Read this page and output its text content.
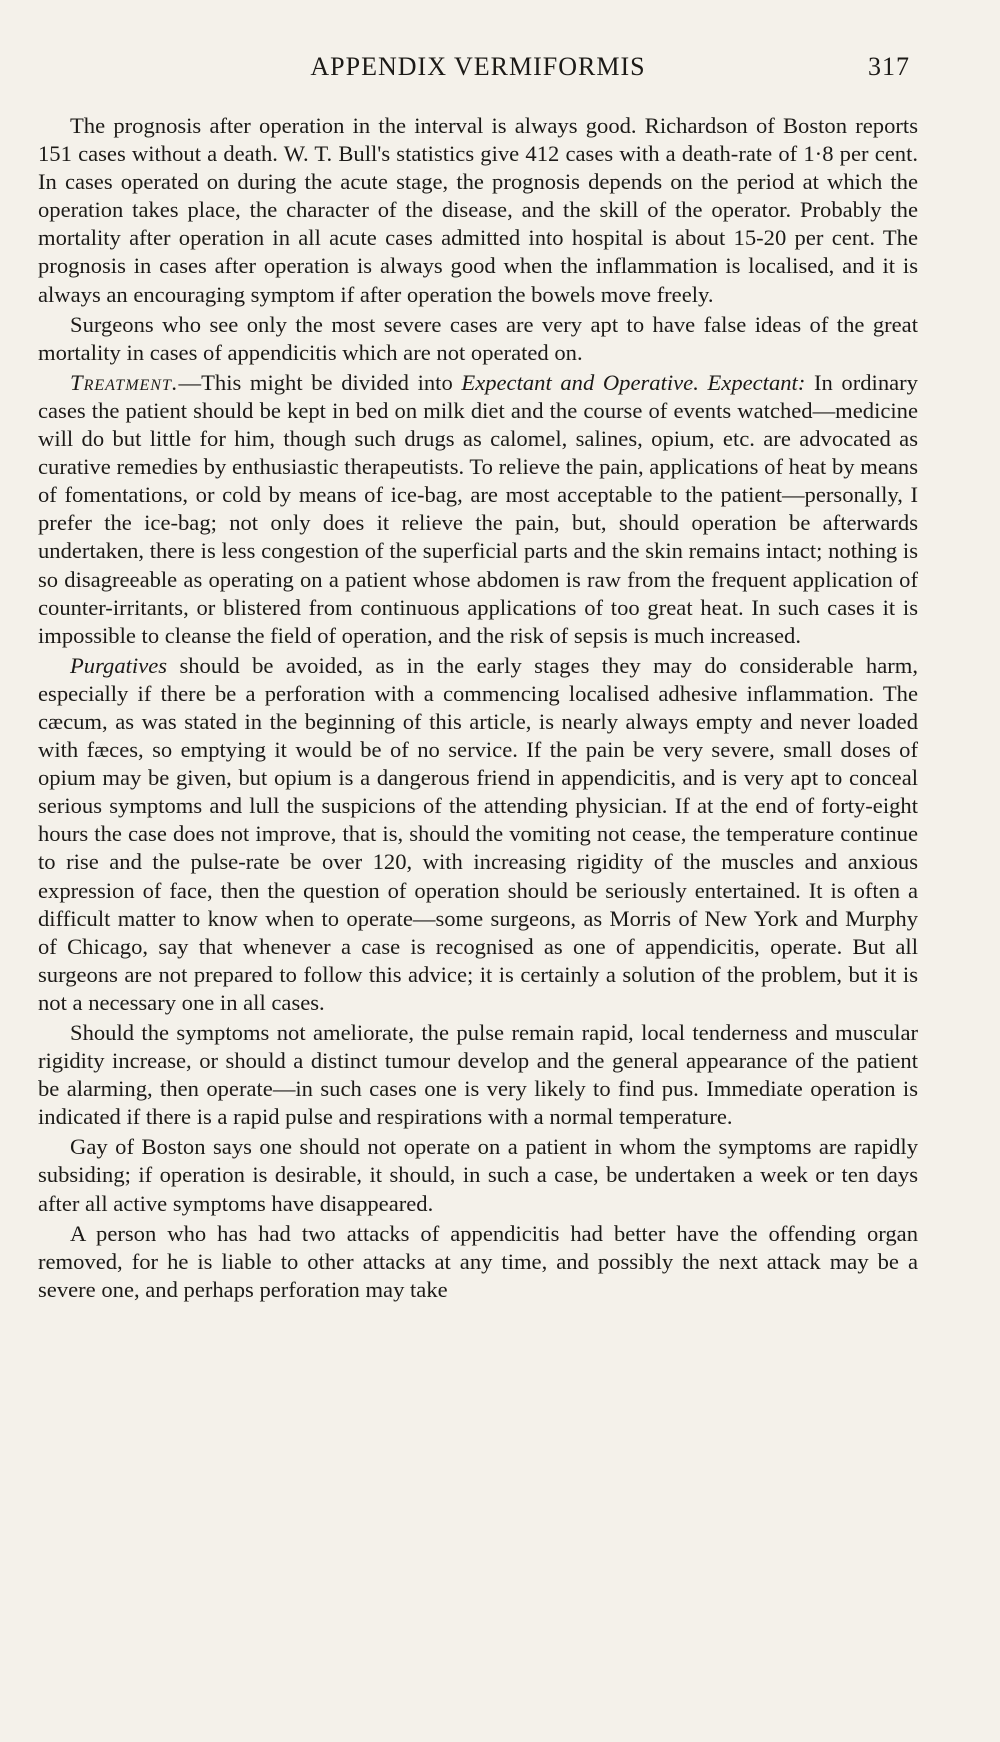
APPENDIX VERMIFORMIS	317

The prognosis after operation in the interval is always good. Richardson of Boston reports 151 cases without a death. W. T. Bull's statistics give 412 cases with a death-rate of 1·8 per cent. In cases operated on during the acute stage, the prognosis depends on the period at which the operation takes place, the character of the disease, and the skill of the operator. Probably the mortality after operation in all acute cases admitted into hospital is about 15-20 per cent. The prognosis in cases after operation is always good when the inflammation is localised, and it is always an encouraging symptom if after operation the bowels move freely.

Surgeons who see only the most severe cases are very apt to have false ideas of the great mortality in cases of appendicitis which are not operated on.

Treatment.—This might be divided into Expectant and Operative. Expectant: In ordinary cases the patient should be kept in bed on milk diet and the course of events watched—medicine will do but little for him, though such drugs as calomel, salines, opium, etc. are advocated as curative remedies by enthusiastic therapeutists. To relieve the pain, applications of heat by means of fomentations, or cold by means of ice-bag, are most acceptable to the patient—personally, I prefer the ice-bag; not only does it relieve the pain, but, should operation be afterwards undertaken, there is less congestion of the superficial parts and the skin remains intact; nothing is so disagreeable as operating on a patient whose abdomen is raw from the frequent application of counter-irritants, or blistered from continuous applications of too great heat. In such cases it is impossible to cleanse the field of operation, and the risk of sepsis is much increased.

Purgatives should be avoided, as in the early stages they may do considerable harm, especially if there be a perforation with a commencing localised adhesive inflammation. The cæcum, as was stated in the beginning of this article, is nearly always empty and never loaded with fæces, so emptying it would be of no service. If the pain be very severe, small doses of opium may be given, but opium is a dangerous friend in appendicitis, and is very apt to conceal serious symptoms and lull the suspicions of the attending physician. If at the end of forty-eight hours the case does not improve, that is, should the vomiting not cease, the temperature continue to rise and the pulse-rate be over 120, with increasing rigidity of the muscles and anxious expression of face, then the question of operation should be seriously entertained. It is often a difficult matter to know when to operate—some surgeons, as Morris of New York and Murphy of Chicago, say that whenever a case is recognised as one of appendicitis, operate. But all surgeons are not prepared to follow this advice; it is certainly a solution of the problem, but it is not a necessary one in all cases.

Should the symptoms not ameliorate, the pulse remain rapid, local tenderness and muscular rigidity increase, or should a distinct tumour develop and the general appearance of the patient be alarming, then operate—in such cases one is very likely to find pus. Immediate operation is indicated if there is a rapid pulse and respirations with a normal temperature.

Gay of Boston says one should not operate on a patient in whom the symptoms are rapidly subsiding; if operation is desirable, it should, in such a case, be undertaken a week or ten days after all active symptoms have disappeared.

A person who has had two attacks of appendicitis had better have the offending organ removed, for he is liable to other attacks at any time, and possibly the next attack may be a severe one, and perhaps perforation may take
